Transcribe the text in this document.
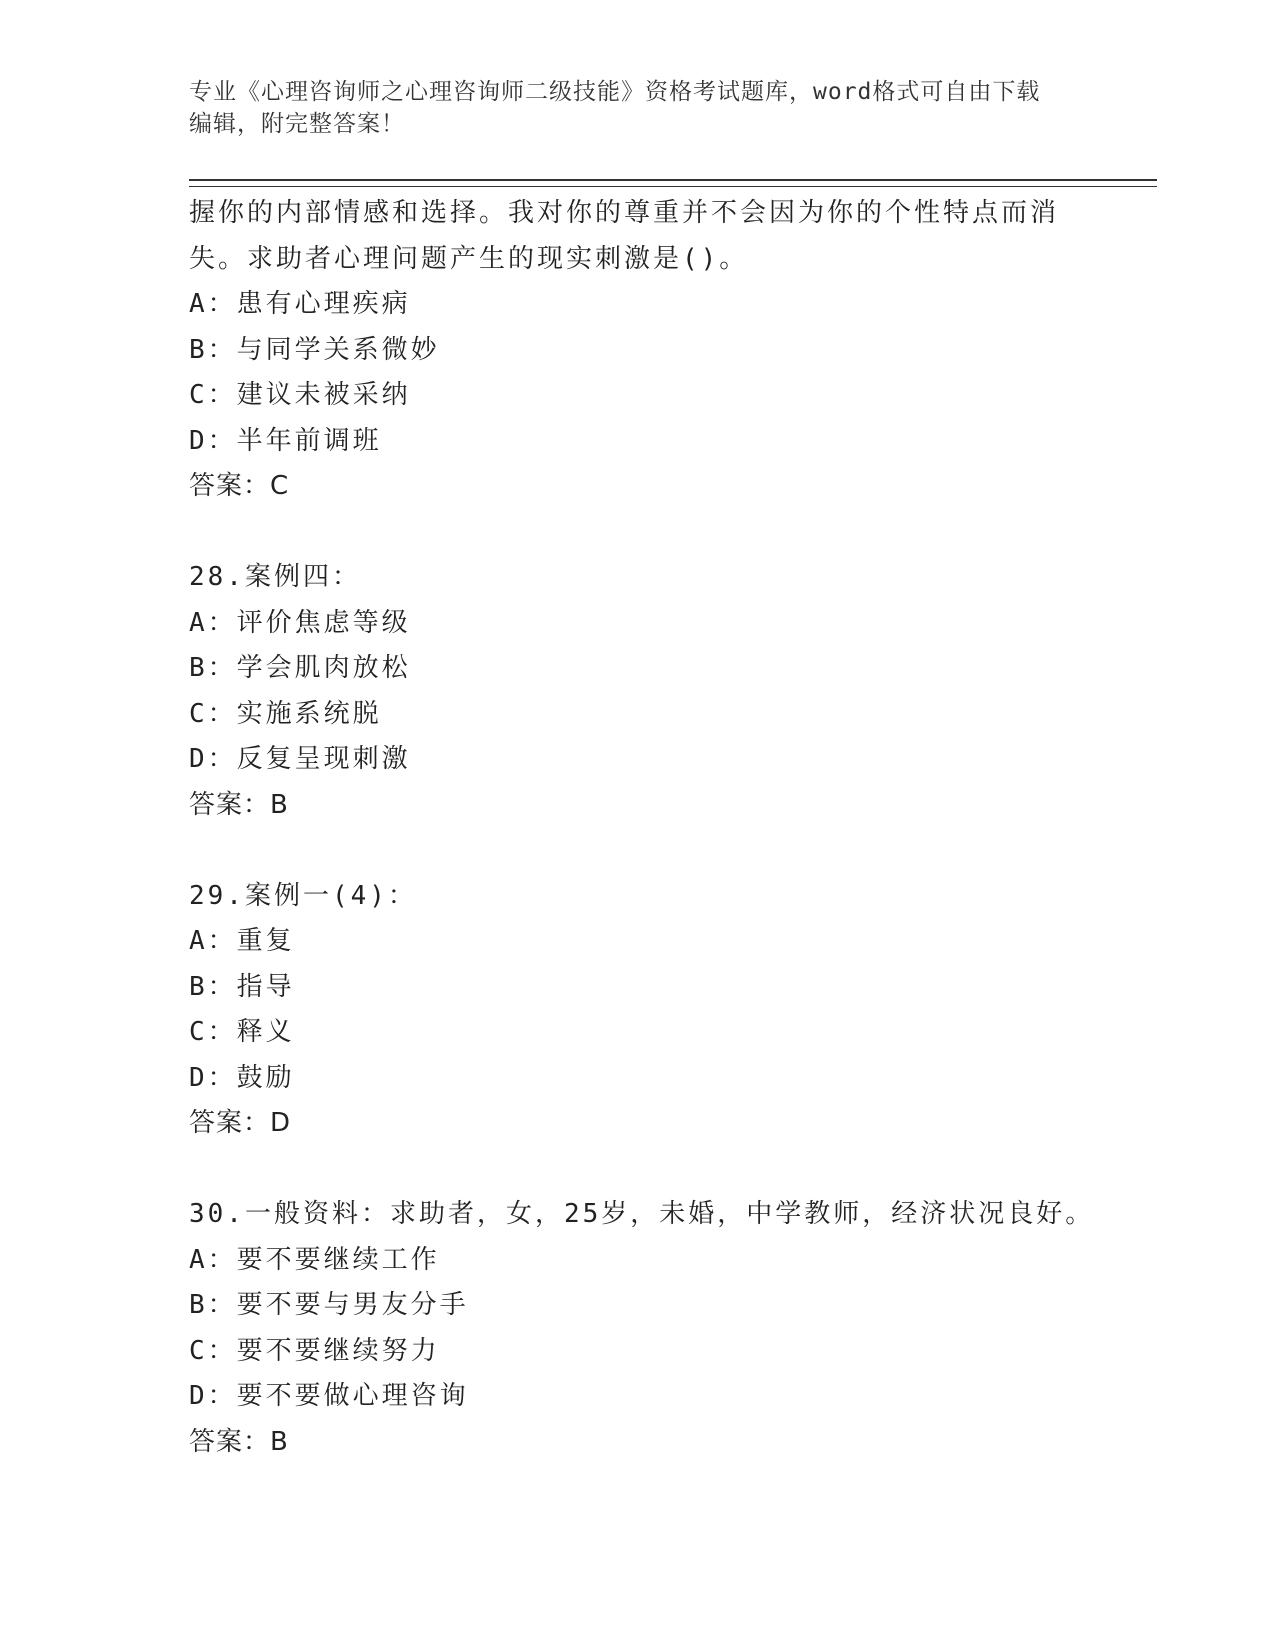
专业《心理咨询师之心理咨询师二级技能》资格考试题库，word格式可自由下载
编辑，附完整答案！
握你的内部情感和选择。我对你的尊重并不会因为你的个性特点而消
失。求助者心理问题产生的现实刺激是()。
A：患有心理疾病
B：与同学关系微妙
C：建议未被采纳
D：半年前调班
答案：C
28.案例四：
A：评价焦虑等级
B：学会肌肉放松
C：实施系统脱
D：反复呈现刺激
答案：B
29.案例一(4)：
A：重复
B：指导
C：释义
D：鼓励
答案：D
30.一般资料：求助者，女，25岁，未婚，中学教师，经济状况良好。
A：要不要继续工作
B：要不要与男友分手
C：要不要继续努力
D：要不要做心理咨询
答案：B
